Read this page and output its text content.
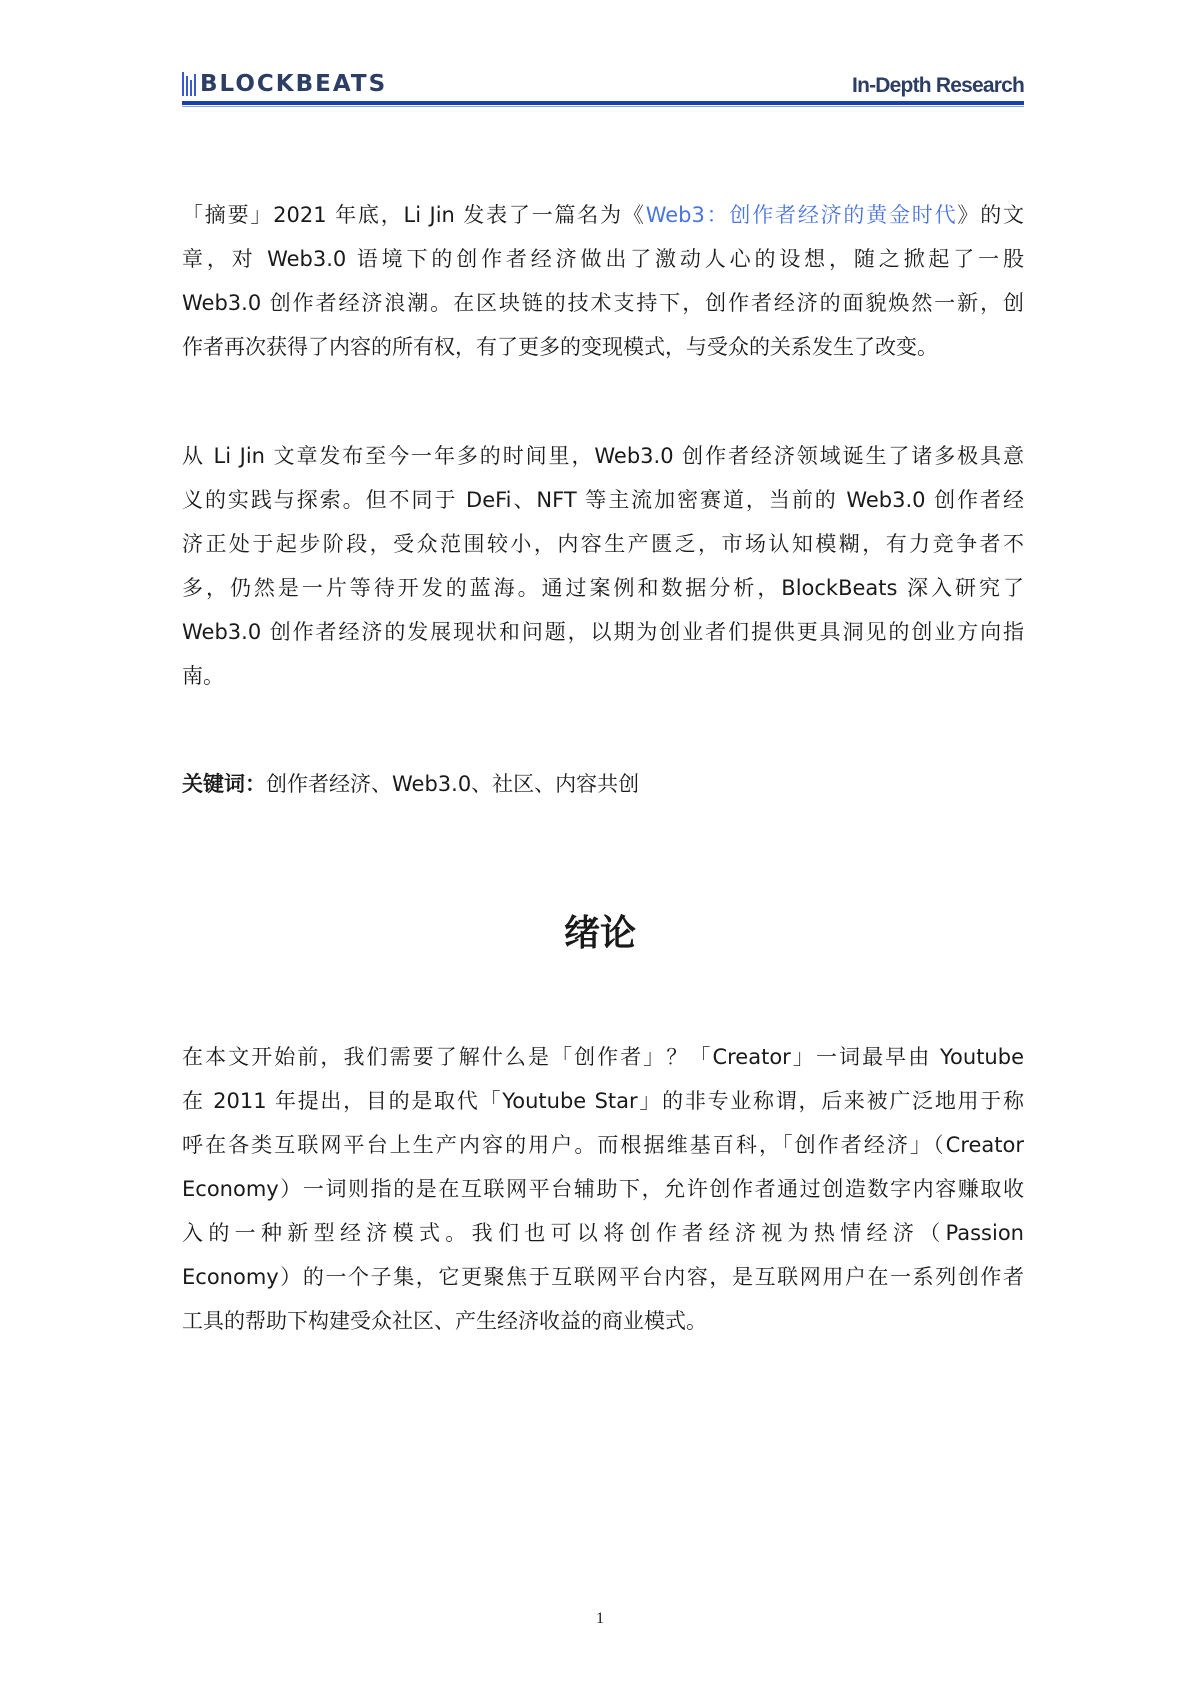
BLOCKBEATS	In-Depth Research
「摘要」2021 年底，Li Jin 发表了一篇名为《Web3：创作者经济的黄金时代》的文
章，对 Web3.0 语境下的创作者经济做出了激动人心的设想，随之掀起了一股
Web3.0 创作者经济浪潮。在区块链的技术支持下，创作者经济的面貌焕然一新，创
作者再次获得了内容的所有权，有了更多的变现模式，与受众的关系发生了改变。
从 Li Jin 文章发布至今一年多的时间里，Web3.0 创作者经济领域诞生了诸多极具意
义的实践与探索。但不同于 DeFi、NFT 等主流加密赛道，当前的 Web3.0 创作者经
济正处于起步阶段，受众范围较小，内容生产匮乏，市场认知模糊，有力竞争者不
多，仍然是一片等待开发的蓝海。通过案例和数据分析，BlockBeats 深入研究了
Web3.0 创作者经济的发展现状和问题，以期为创业者们提供更具洞见的创业方向指
南。
关键词：创作者经济、Web3.0、社区、内容共创
绪论
在本文开始前，我们需要了解什么是「创作者」？「Creator」一词最早由 Youtube
在 2011 年提出，目的是取代「Youtube Star」的非专业称谓，后来被广泛地用于称
呼在各类互联网平台上生产内容的用户。而根据维基百科，「创作者经济」（Creator
Economy）一词则指的是在互联网平台辅助下，允许创作者通过创造数字内容赚取收
入的一种新型经济模式。我们也可以将创作者经济视为热情经济（Passion
Economy）的一个子集，它更聚焦于互联网平台内容，是互联网用户在一系列创作者
工具的帮助下构建受众社区、产生经济收益的商业模式。
1
